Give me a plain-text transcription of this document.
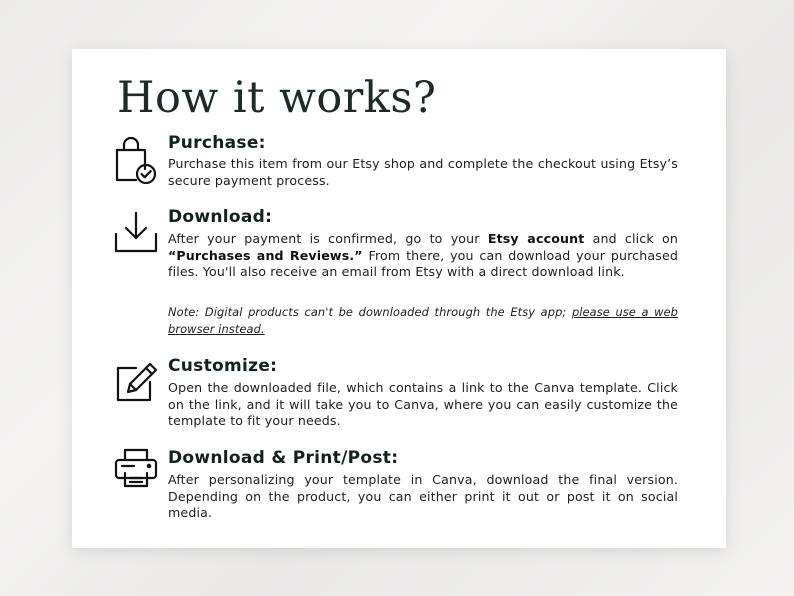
How it works?
Purchase:

Purchase this item from our Etsy shop and complete the checkout using Etsy’s secure payment process.

Download:

After your payment is confirmed, go to your Etsy account and click on “Purchases and Reviews.” From there, you can download your purchased files. You'll also receive an email from Etsy with a direct download link.

Note: Digital products can't be downloaded through the Etsy app; please use a web browser instead.

Customize:

Open the downloaded file, which contains a link to the Canva template. Click on the link, and it will take you to Canva, where you can easily customize the template to fit your needs.

Download & Print/Post:

After personalizing your template in Canva, download the final version. Depending on the product, you can either print it out or post it on social media.
